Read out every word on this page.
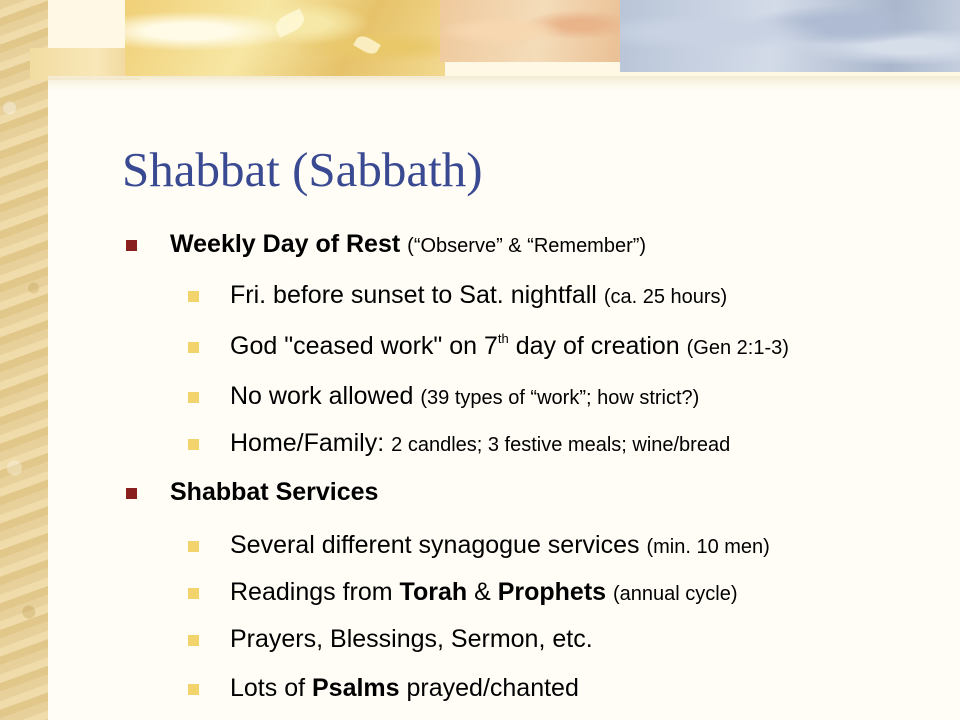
Shabbat (Sabbath)
Weekly Day of Rest (“Observe” & “Remember”)
Fri. before sunset to Sat. nightfall (ca. 25 hours)
God "ceased work" on 7th day of creation (Gen 2:1-3)
No work allowed (39 types of “work”; how strict?)
Home/Family: 2 candles; 3 festive meals; wine/bread
Shabbat Services
Several different synagogue services (min. 10 men)
Readings from Torah & Prophets (annual cycle)
Prayers, Blessings, Sermon, etc.
Lots of Psalms prayed/chanted
